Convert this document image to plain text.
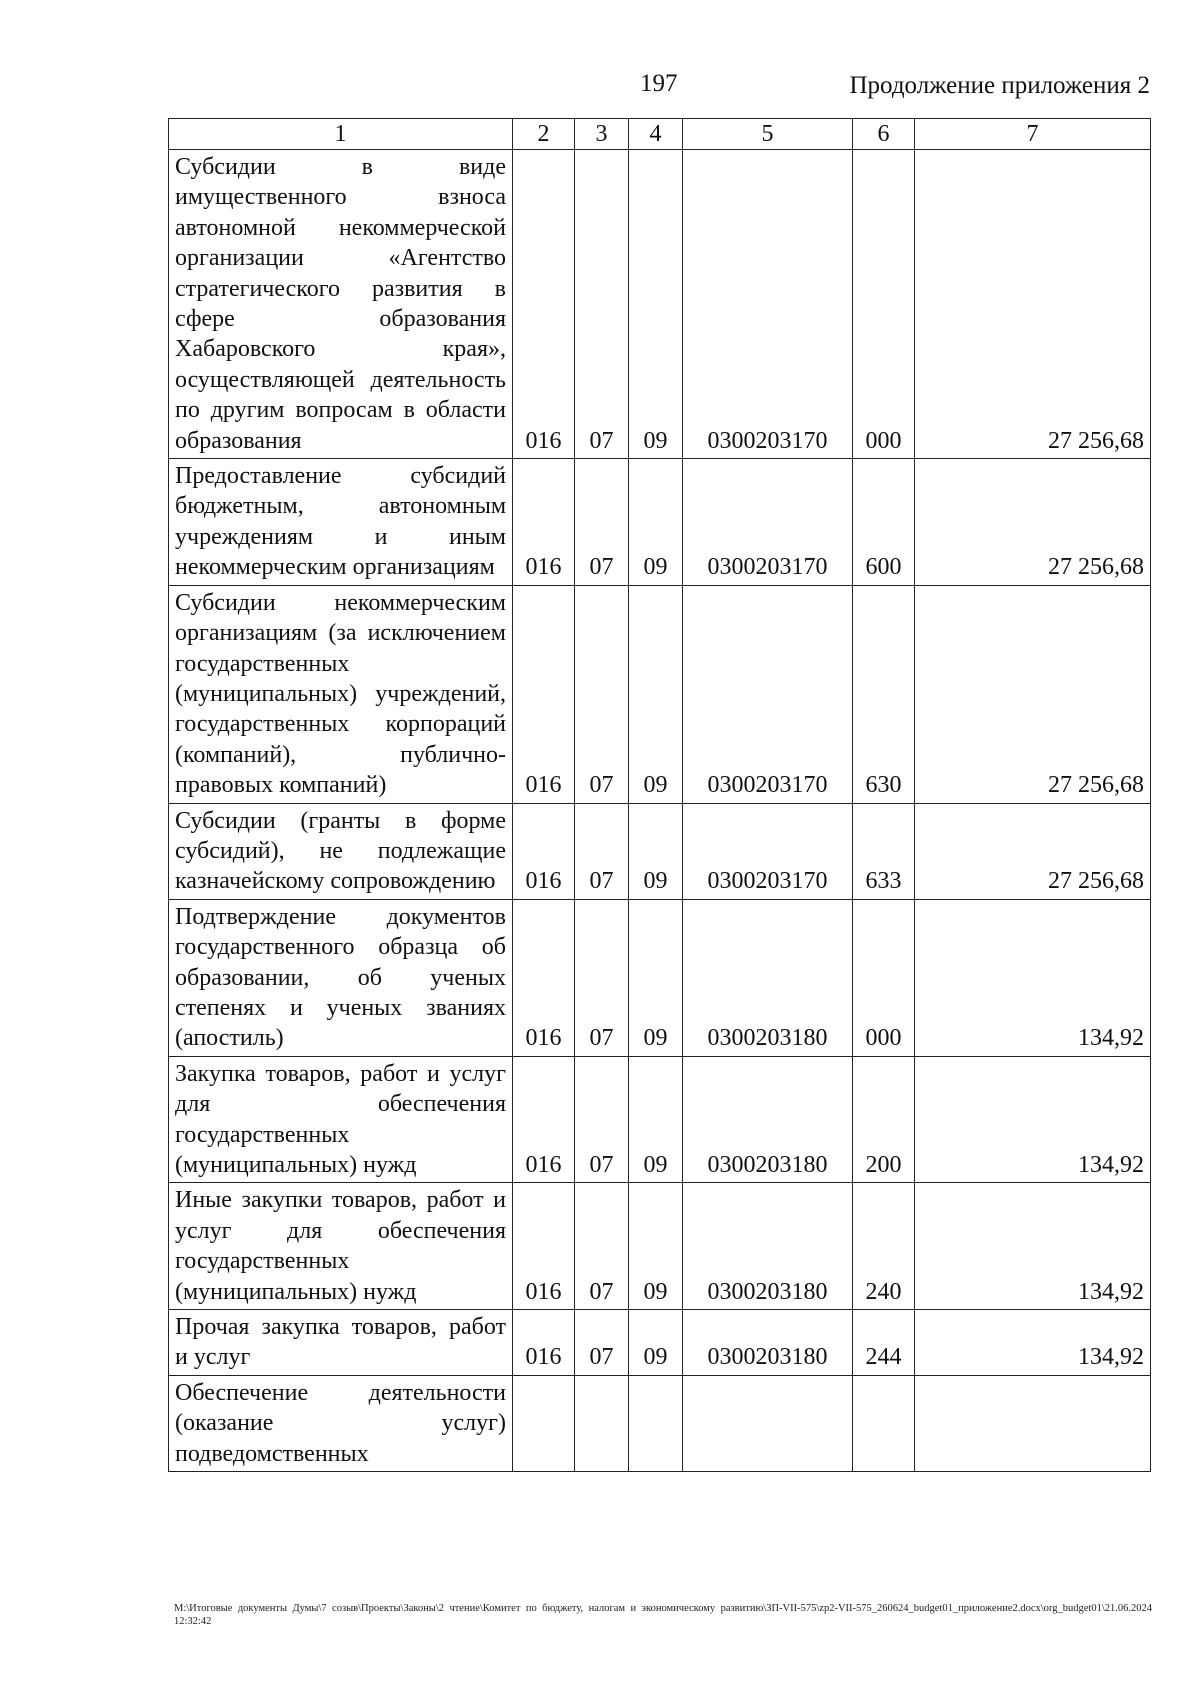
197	Продолжение приложения 2
1	2	3	4	5	6	7
Субсидии в виде имущественного взноса автономной некоммерческой организации «Агентство стратегического развития в сфере образования Хабаровского края», осуществляющей деятельность по другим вопросам в области образования	016	07	09	0300203170	000	27 256,68
Предоставление субсидий бюджетным, автономным учреждениям и иным некоммерческим организациям	016	07	09	0300203170	600	27 256,68
Субсидии некоммерческим организациям (за исключением государственных (муниципальных) учреждений, государственных корпораций (компаний), публично-правовых компаний)	016	07	09	0300203170	630	27 256,68
Субсидии (гранты в форме субсидий), не подлежащие казначейскому сопровождению	016	07	09	0300203170	633	27 256,68
Подтверждение документов государственного образца об образовании, об ученых степенях и ученых званиях (апостиль)	016	07	09	0300203180	000	134,92
Закупка товаров, работ и услуг для обеспечения государственных (муниципальных) нужд	016	07	09	0300203180	200	134,92
Иные закупки товаров, работ и услуг для обеспечения государственных (муниципальных) нужд	016	07	09	0300203180	240	134,92
Прочая закупка товаров, работ и услуг	016	07	09	0300203180	244	134,92
Обеспечение деятельности (оказание услуг) подведомственных						
M:\Итоговые документы Думы\7 созыв\Проекты\Законы\2 чтение\Комитет по бюджету, налогам и экономическому развитию\ЗП-VII-575\zp2-VII-575_260624_budget01_приложение2.docx\org_budget01\21.06.2024 12:32:42
